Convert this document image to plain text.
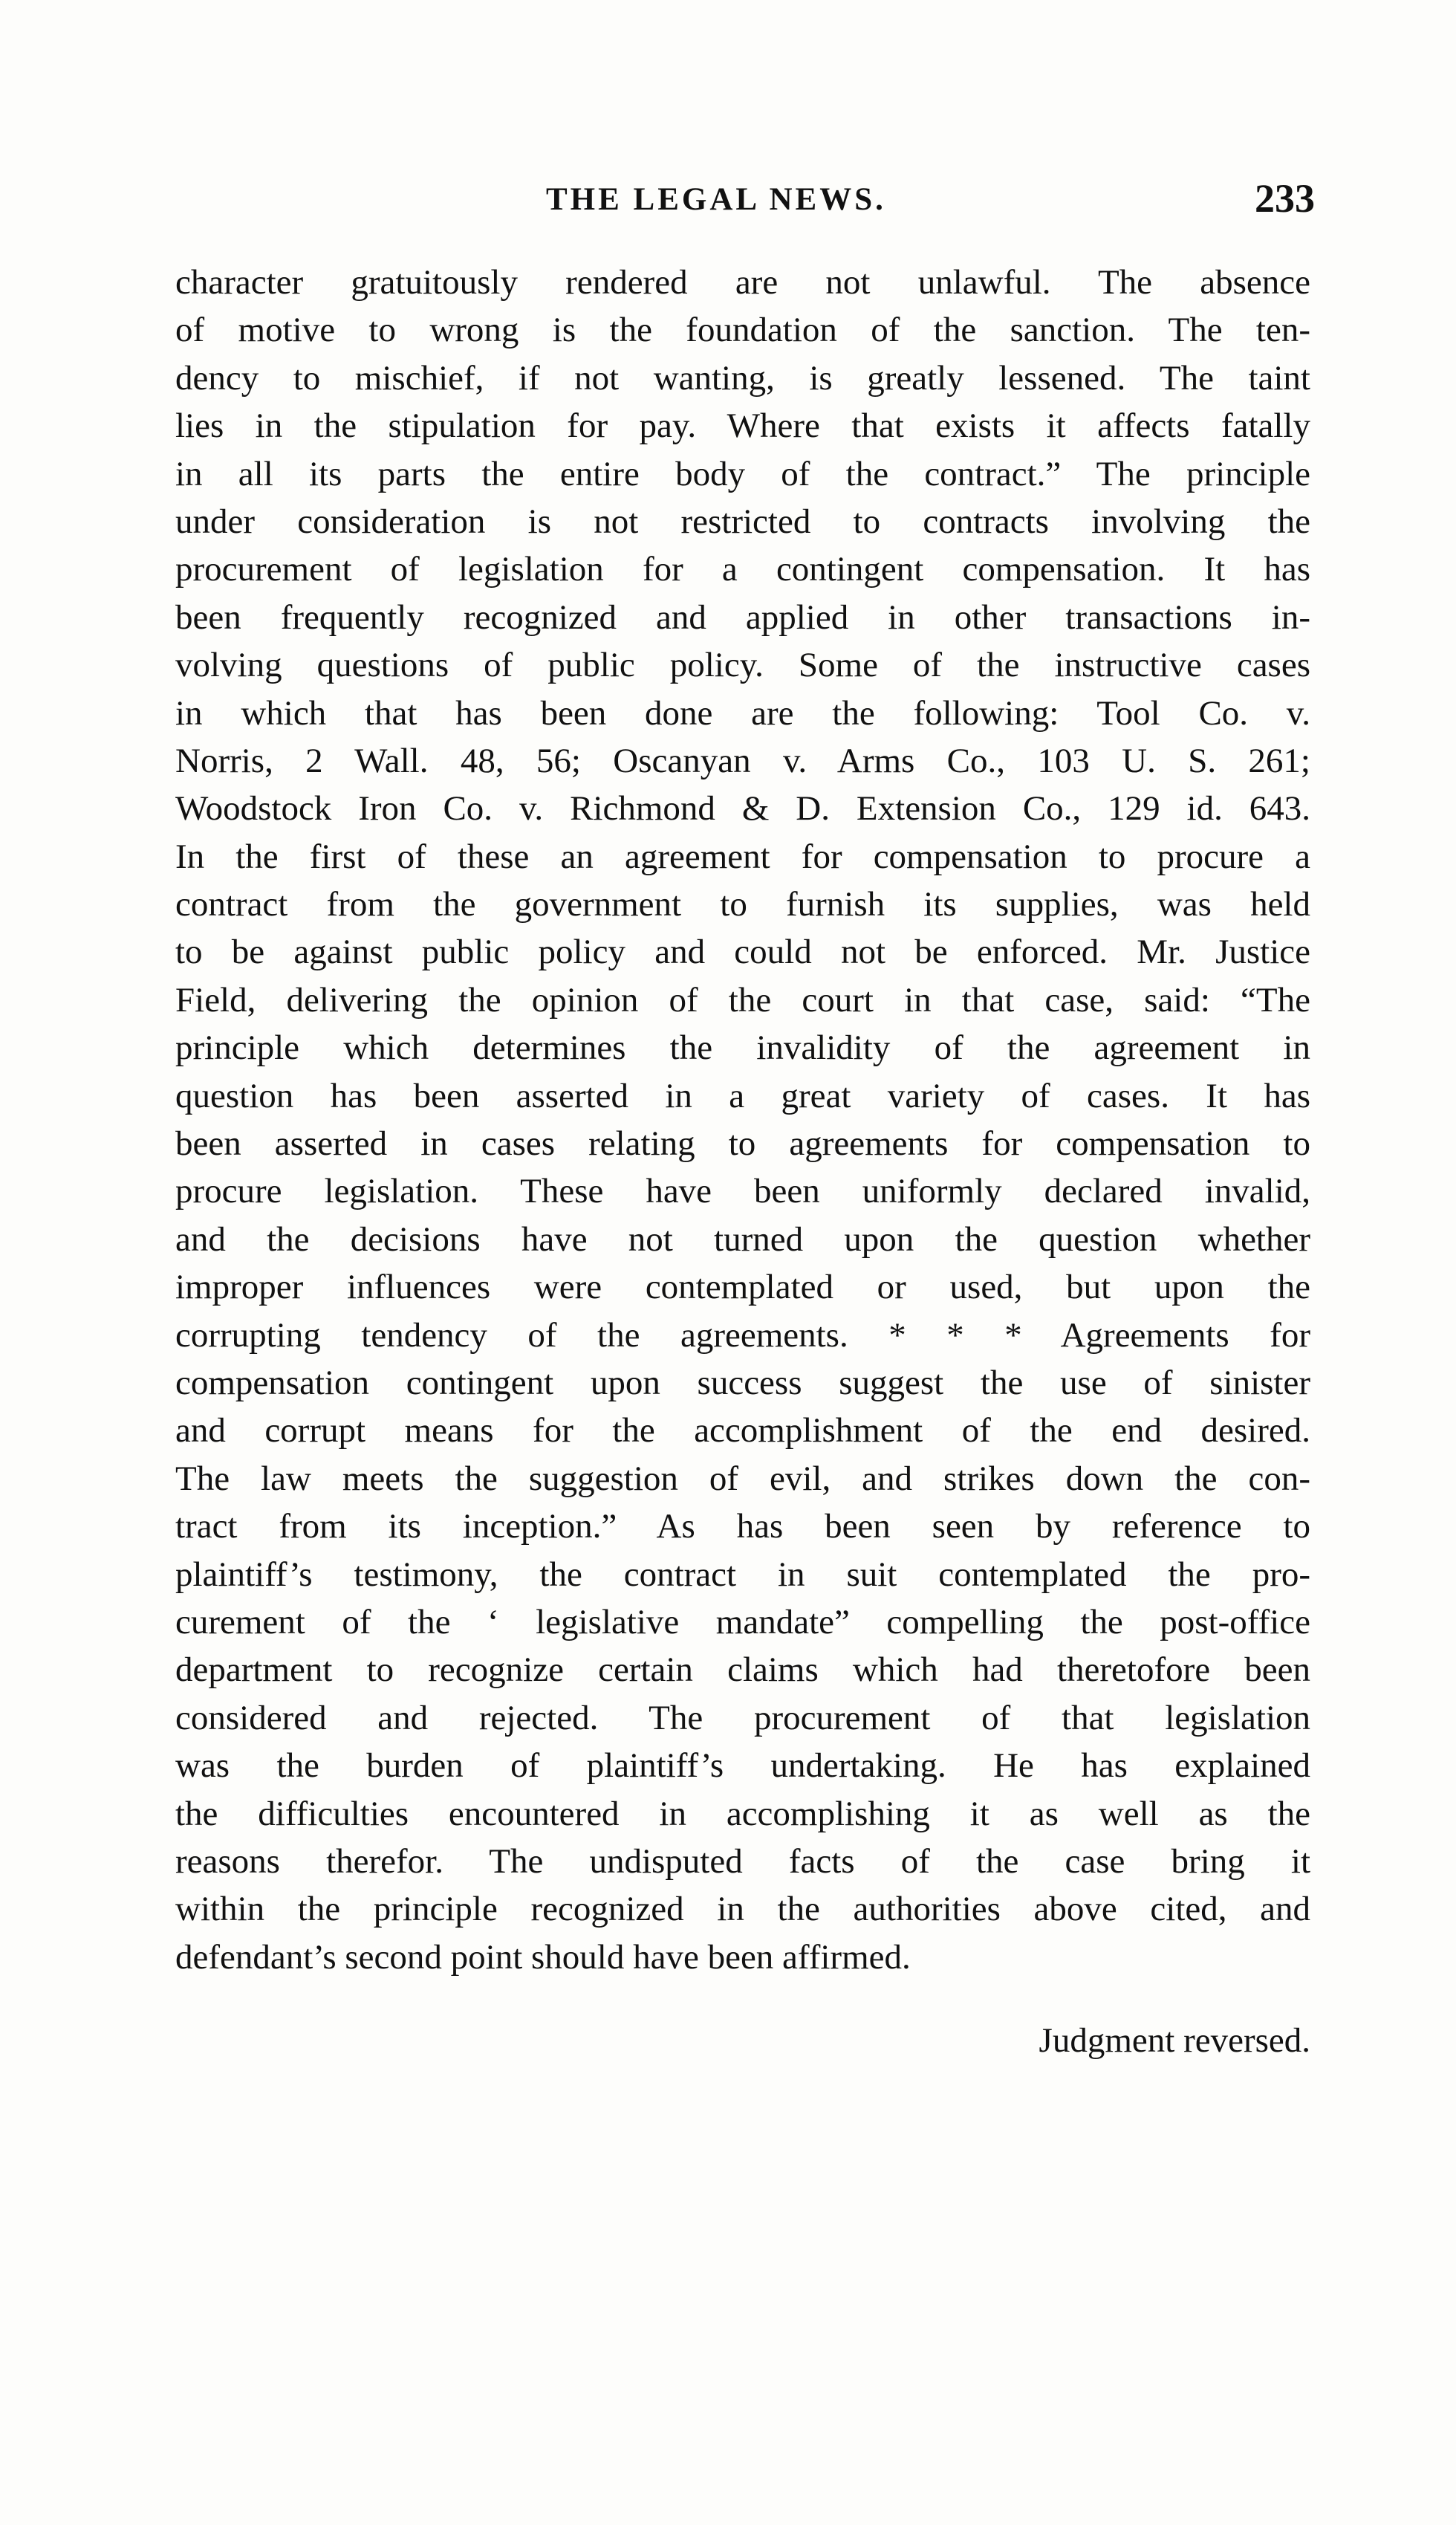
THE LEGAL NEWS.	233
character gratuitously rendered are not unlawful. The absence
of motive to wrong is the foundation of the sanction. The ten-
dency to mischief, if not wanting, is greatly lessened. The taint
lies in the stipulation for pay. Where that exists it affects fatally
in all its parts the entire body of the contract.” The principle
under consideration is not restricted to contracts involving the
procurement of legislation for a contingent compensation. It has
been frequently recognized and applied in other transactions in-
volving questions of public policy. Some of the instructive cases
in which that has been done are the following: Tool Co. v.
Norris, 2 Wall. 48, 56; Oscanyan v. Arms Co., 103 U. S. 261;
Woodstock Iron Co. v. Richmond & D. Extension Co., 129 id. 643.
In the first of these an agreement for compensation to procure a
contract from the government to furnish its supplies, was held
to be against public policy and could not be enforced. Mr. Justice
Field, delivering the opinion of the court in that case, said: “The
principle which determines the invalidity of the agreement in
question has been asserted in a great variety of cases. It has
been asserted in cases relating to agreements for compensation to
procure legislation. These have been uniformly declared invalid,
and the decisions have not turned upon the question whether
improper influences were contemplated or used, but upon the
corrupting tendency of the agreements. * * * Agreements for
compensation contingent upon success suggest the use of sinister
and corrupt means for the accomplishment of the end desired.
The law meets the suggestion of evil, and strikes down the con-
tract from its inception.” As has been seen by reference to
plaintiff’s testimony, the contract in suit contemplated the pro-
curement of the ‘ legislative mandate” compelling the post-office
department to recognize certain claims which had theretofore been
considered and rejected. The procurement of that legislation
was the burden of plaintiff’s undertaking. He has explained
the difficulties encountered in accomplishing it as well as the
reasons therefor. The undisputed facts of the case bring it
within the principle recognized in the authorities above cited, and
defendant’s second point should have been affirmed.
Judgment reversed.
